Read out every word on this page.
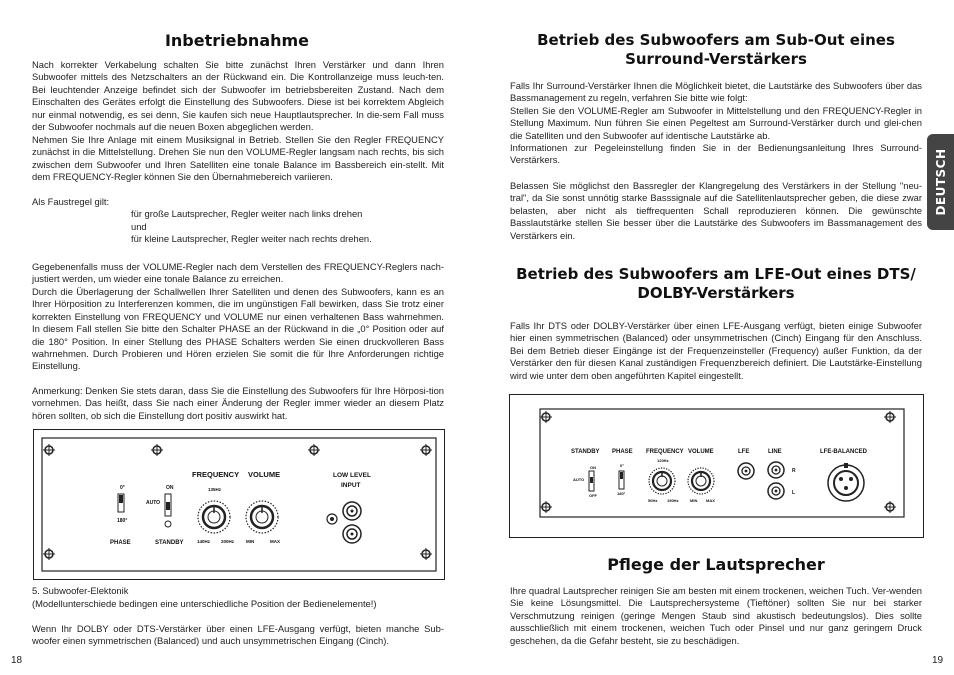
Inbetriebnahme

Nach korrekter Verkabelung schalten Sie bitte zunächst Ihren Verstärker und dann Ihren Subwoofer mittels des Netzschalters an der Rückwand ein. Die Kontrollanzeige muss leuch-ten. Bei leuchtender Anzeige befindet sich der Subwoofer im betriebsbereiten Zustand. Nach dem Einschalten des Gerätes erfolgt die Einstellung des Subwoofers. Diese ist bei korrektem Abgleich nur einmal notwendig, es sei denn, Sie kaufen sich neue Hauptlautsprecher. In die-sem Fall muss der Subwoofer nochmals auf die neuen Boxen abgeglichen werden.

Nehmen Sie Ihre Anlage mit einem Musiksignal in Betrieb. Stellen Sie den Regler FREQUENCY zunächst in die Mittelstellung. Drehen Sie nun den VOLUME-Regler langsam nach rechts, bis sich zwischen dem Subwoofer und Ihren Satelliten eine tonale Balance im Bassbereich ein-stellt. Mit dem FREQUENCY-Regler können Sie den Übernahmebereich variieren.

Als Faustregel gilt:

für große Lautsprecher, Regler weiter nach links drehen

und

für kleine Lautsprecher, Regler weiter nach rechts drehen.

Gegebenenfalls muss der VOLUME-Regler nach dem Verstellen des FREQUENCY-Reglers nach-justiert werden, um wieder eine tonale Balance zu erreichen.

Durch die Überlagerung der Schallwellen Ihrer Satelliten und denen des Subwoofers, kann es an Ihrer Hörposition zu Interferenzen kommen, die im ungünstigen Fall bewirken, dass Sie trotz einer korrekten Einstellung von FREQUENCY und VOLUME nur einen verhaltenen Bass wahrnehmen. In diesem Fall stellen Sie bitte den Schalter PHASE an der Rückwand in die „0° Position oder auf die 180° Position. In einer Stellung des PHASE Schalters werden Sie einen druckvolleren Bass wahrnehmen. Durch Probieren und Hören erzielen Sie somit die für Ihre Anforderungen richtige Einstellung.

Anmerkung: Denken Sie stets daran, dass Sie die Einstellung des Subwoofers für Ihre Hörposi-tion vornehmen. Das heißt, dass Sie nach einer Änderung der Regler immer wieder an diesem Platz hören sollten, ob sich die Einstellung dort positiv auswirkt hat.

FREQUENCY VOLUME	LOW LEVEL
INPUT
PHASE	STANDBY
0°
180°
ON
AUTO
135Hz
140Hz 200Hz	MIN	MAX

5. Subwoofer-Elektonik

(Modellunterschiede bedingen eine unterschiedliche Position der Bedienelemente!)

Wenn Ihr DOLBY oder DTS-Verstärker über einen LFE-Ausgang verfügt, bieten manche Sub-woofer einen symmetrischen (Balanced) und auch unsymmetrischen Eingang (Cinch).

18
Betrieb des Subwoofers am Sub-Out eines
Surround-Verstärkers

Falls Ihr Surround-Verstärker Ihnen die Möglichkeit bietet, die Lautstärke des Subwoofers über das Bassmanagement zu regeln, verfahren Sie bitte wie folgt:

Stellen Sie den VOLUME-Regler am Subwoofer in Mittelstellung und den FREQUENCY-Regler in Stellung Maximum. Nun führen Sie einen Pegeltest am Surround-Verstärker durch und glei-chen die Satelliten und den Subwoofer auf identische Lautstärke ab.

Informationen zur Pegeleinstellung finden Sie in der Bedienungsanleitung Ihres Surround-Verstärkers.

Belassen Sie möglichst den Bassregler der Klangregelung des Verstärkers in der Stellung "neu-tral", da Sie sonst unnötig starke Basssignale auf die Satellitenlautsprecher geben, die diese zwar belasten, aber nicht als tieffrequenten Schall reproduzieren können. Die gewünschte Basslautstärke stellen Sie besser über die Lautstärke des Subwoofers im Bassmanagement des Verstärkers ein.

Betrieb des Subwoofers am LFE-Out eines DTS/
DOLBY-Verstärkers

Falls Ihr DTS oder DOLBY-Verstärker über einen LFE-Ausgang verfügt, bieten einige Subwoofer hier einen symmetrischen (Balanced) oder unsymmetrischen (Cinch) Eingang für den Anschluss. Bei dem Betrieb dieser Eingänge ist der Frequenzeinsteller (Frequency) außer Funktion, da der Verstärker den für diesen Kanal zuständigen Frequenzbereich definiert. Die Lautstärke-Einstellung wird wie unter dem oben angeführten Kapitel eingestellt.

STANDBY PHASE FREQUENCY VOLUME	LFE	LINE	LFE-BALANCED
ON
AUTO
OFF
0°
180°
120Hz
50Hz 150Hz	MIN MAX
R
L
Pflege der Lautsprecher

Ihre quadral Lautsprecher reinigen Sie am besten mit einem trockenen, weichen Tuch. Ver-wenden Sie keine Lösungsmittel. Die Lautsprechersysteme (Tieftöner) sollten Sie nur bei starker Verschmutzung reinigen (geringe Mengen Staub sind akustisch bedeutungslos). Dies sollte ausschließlich mit einem trockenen, weichen Tuch oder Pinsel und nur ganz geringem Druck geschehen, da die Gefahr besteht, sie zu beschädigen.

19
DEUTSCH
